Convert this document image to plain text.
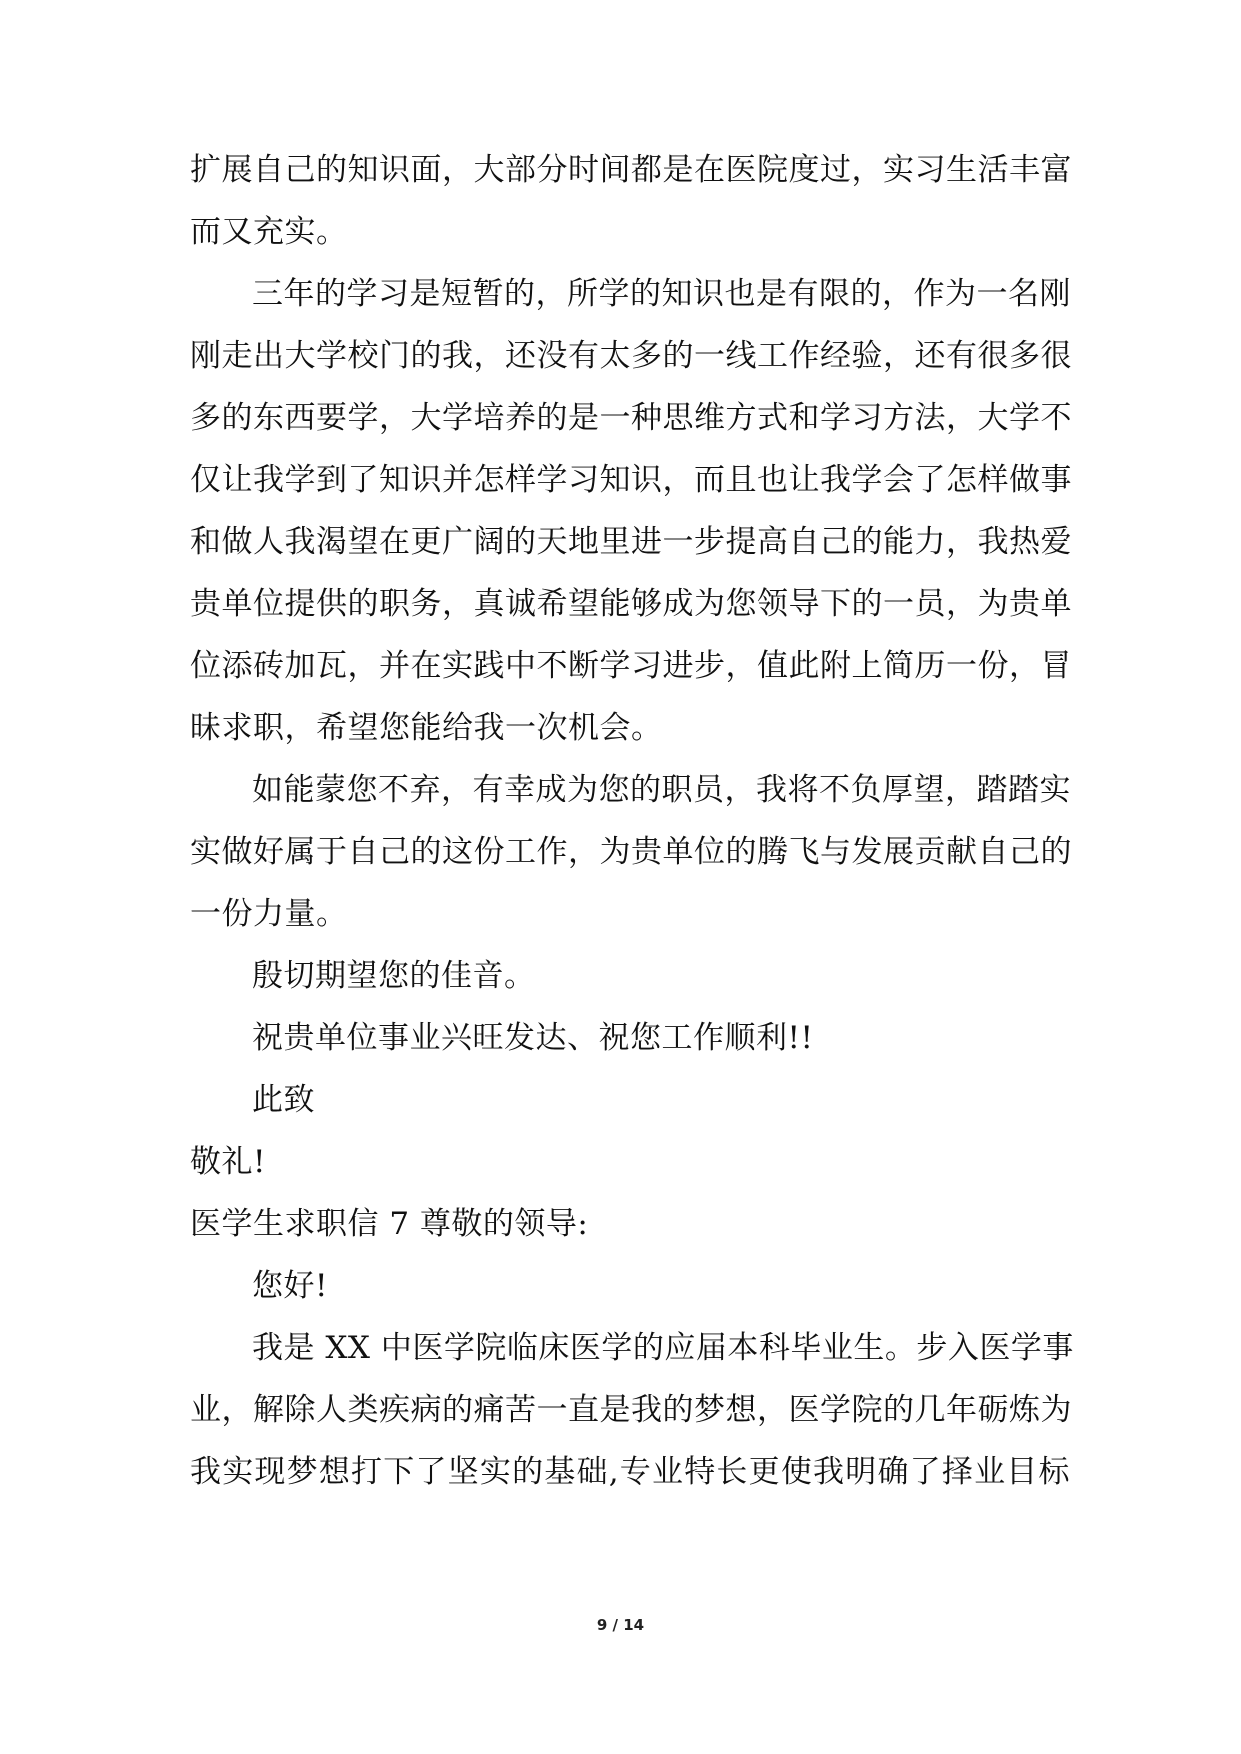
扩展自己的知识面，大部分时间都是在医院度过，实习生活丰富
而又充实。
三年的学习是短暂的，所学的知识也是有限的，作为一名刚
刚走出大学校门的我，还没有太多的一线工作经验，还有很多很
多的东西要学，大学培养的是一种思维方式和学习方法，大学不
仅让我学到了知识并怎样学习知识，而且也让我学会了怎样做事
和做人我渴望在更广阔的天地里进一步提高自己的能力，我热爱
贵单位提供的职务，真诚希望能够成为您领导下的一员，为贵单
位添砖加瓦，并在实践中不断学习进步，值此附上简历一份，冒
昧求职，希望您能给我一次机会。
如能蒙您不弃，有幸成为您的职员，我将不负厚望，踏踏实
实做好属于自己的这份工作，为贵单位的腾飞与发展贡献自己的
一份力量。
殷切期望您的佳音。
祝贵单位事业兴旺发达、祝您工作顺利!!
此致
敬礼!
医学生求职信 7 尊敬的领导:
您好!
我是 XX 中医学院临床医学的应届本科毕业生。步入医学事
业，解除人类疾病的痛苦一直是我的梦想，医学院的几年砺炼为
我实现梦想打下了坚实的基础,专业特长更使我明确了择业目标
9 / 14
